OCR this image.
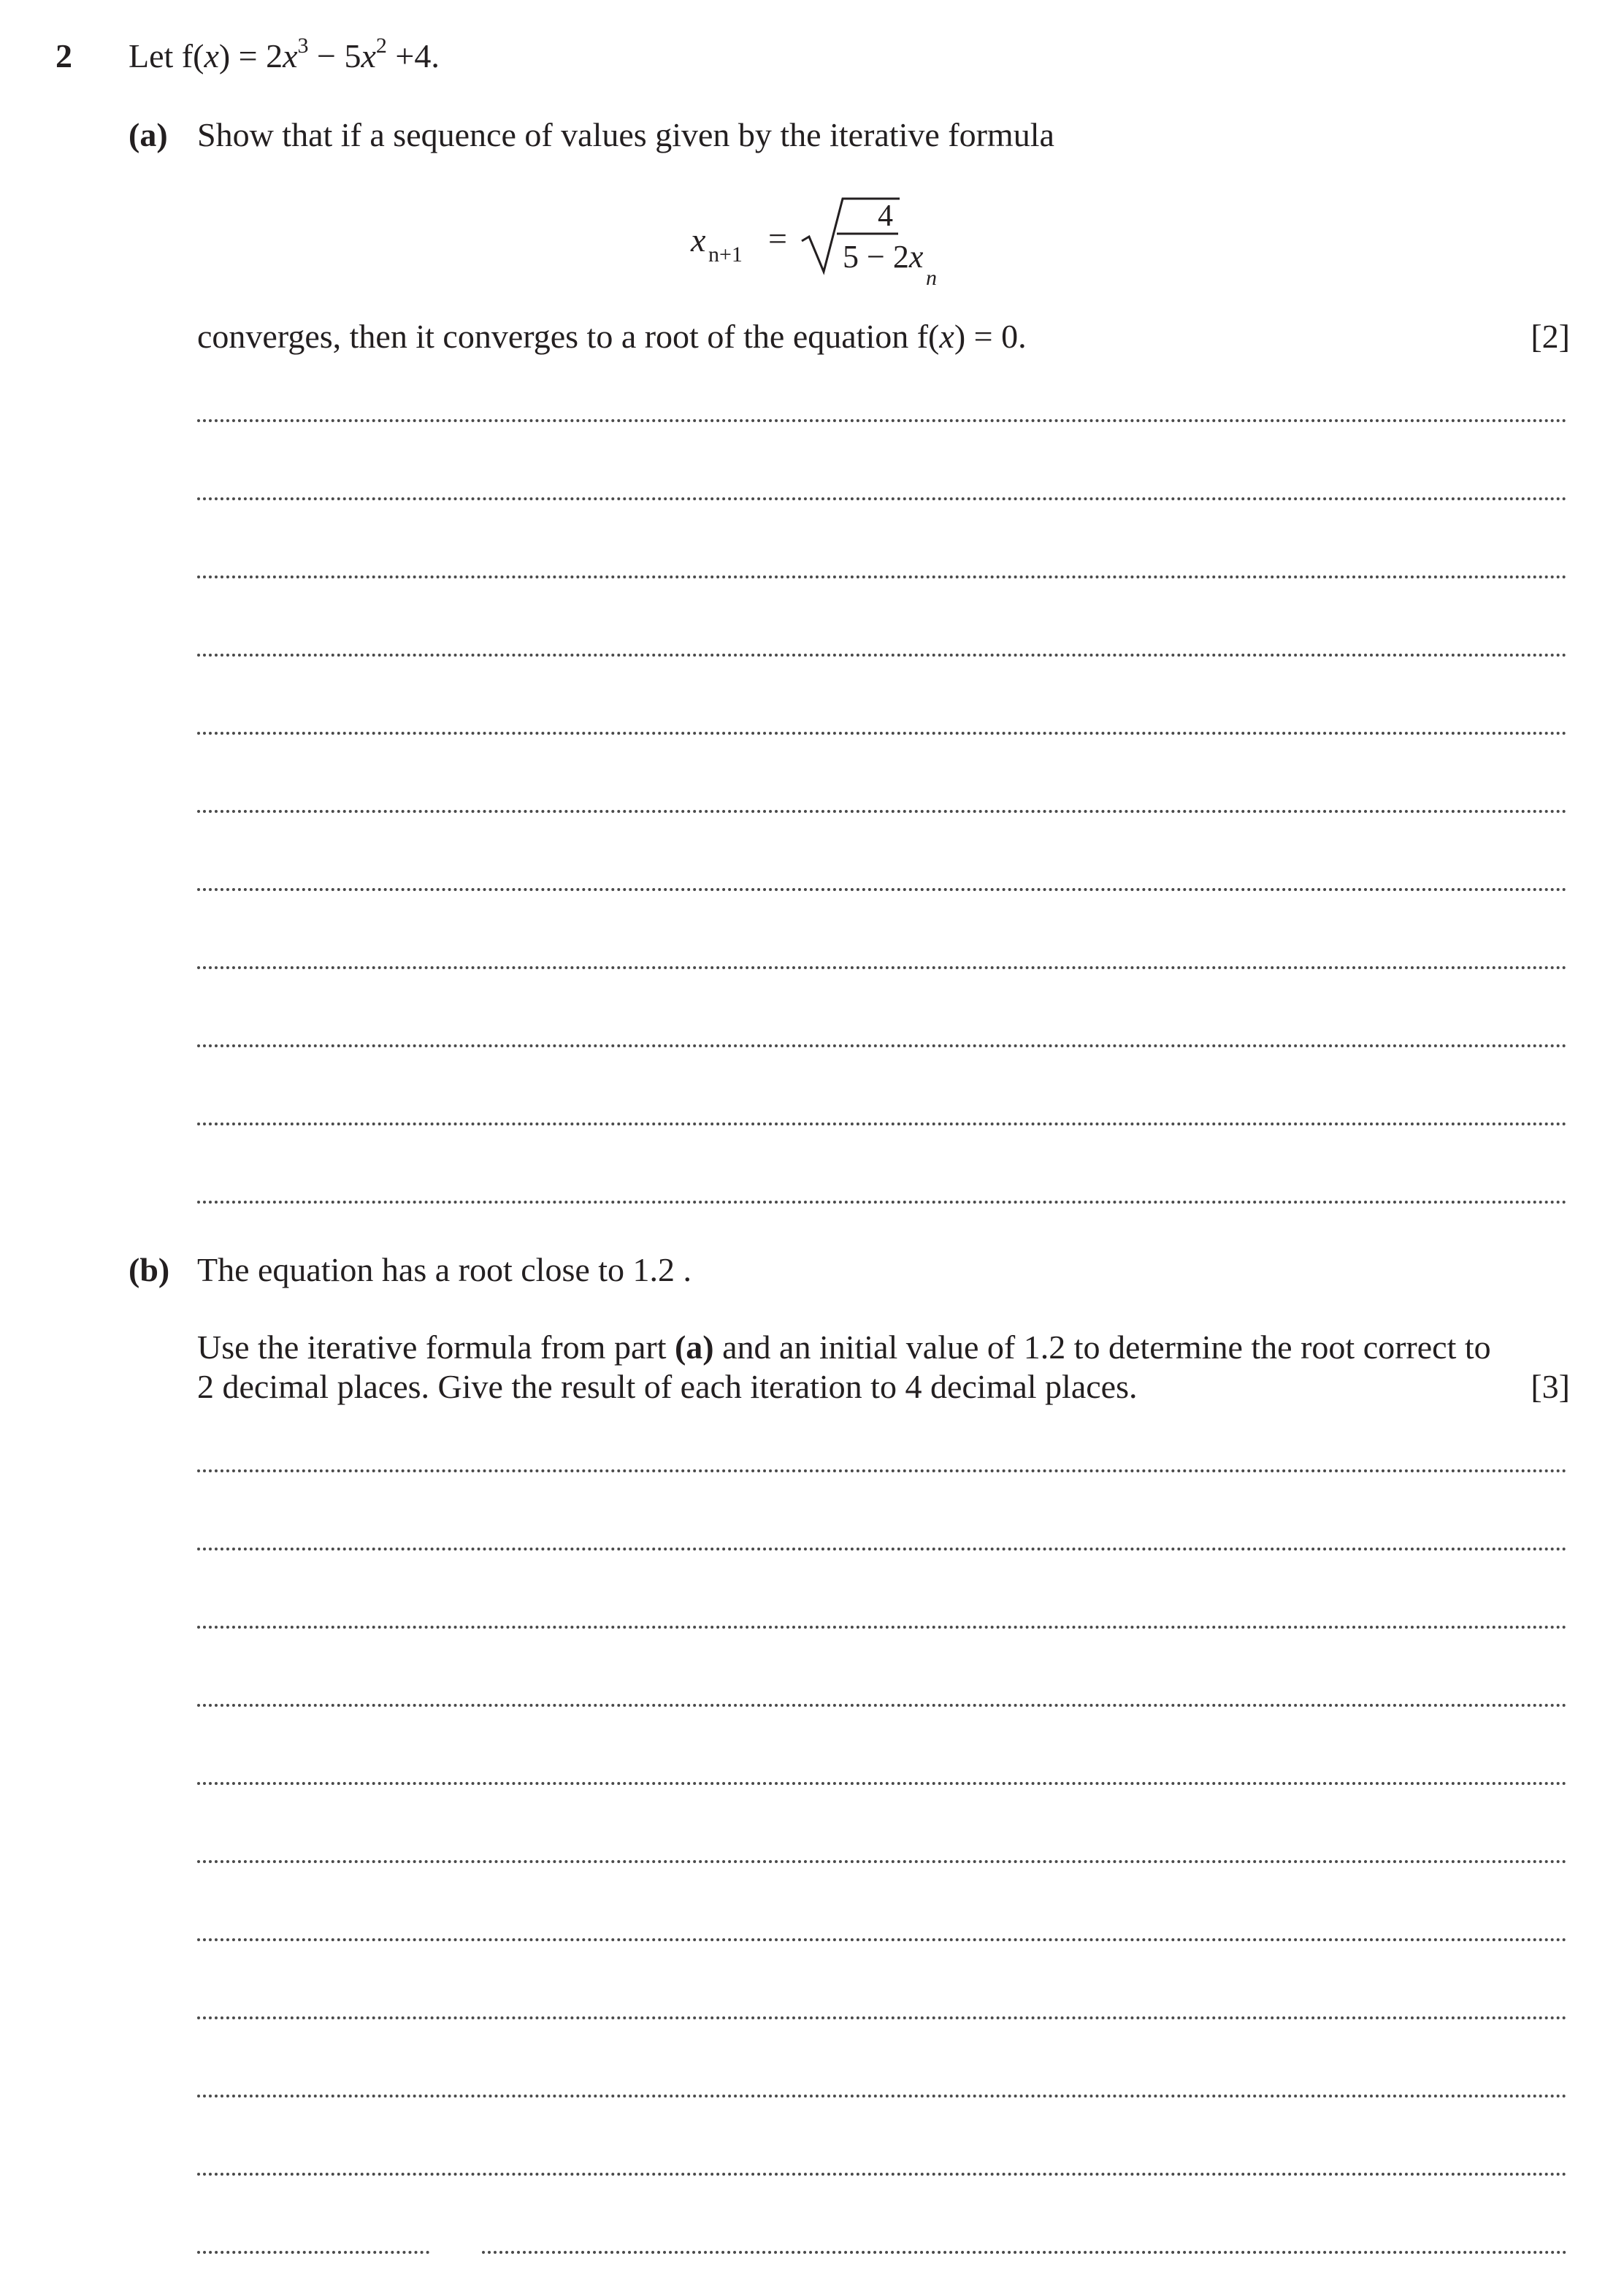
2 Let $f(x) = 2x^3 - 5x^2 +4$.
(a) Show that if a sequence of values given by the iterative formula
x n+1 =
4
5 − 2x
n
converges, then it converges to a root of the equation f(x) = 0.	[2]
(b) The equation has a root close to 1.2 .
Use the iterative formula from part (a) and an initial value of 1.2 to determine the root correct to
2 decimal places. Give the result of each iteration to 4 decimal places.	[3]
